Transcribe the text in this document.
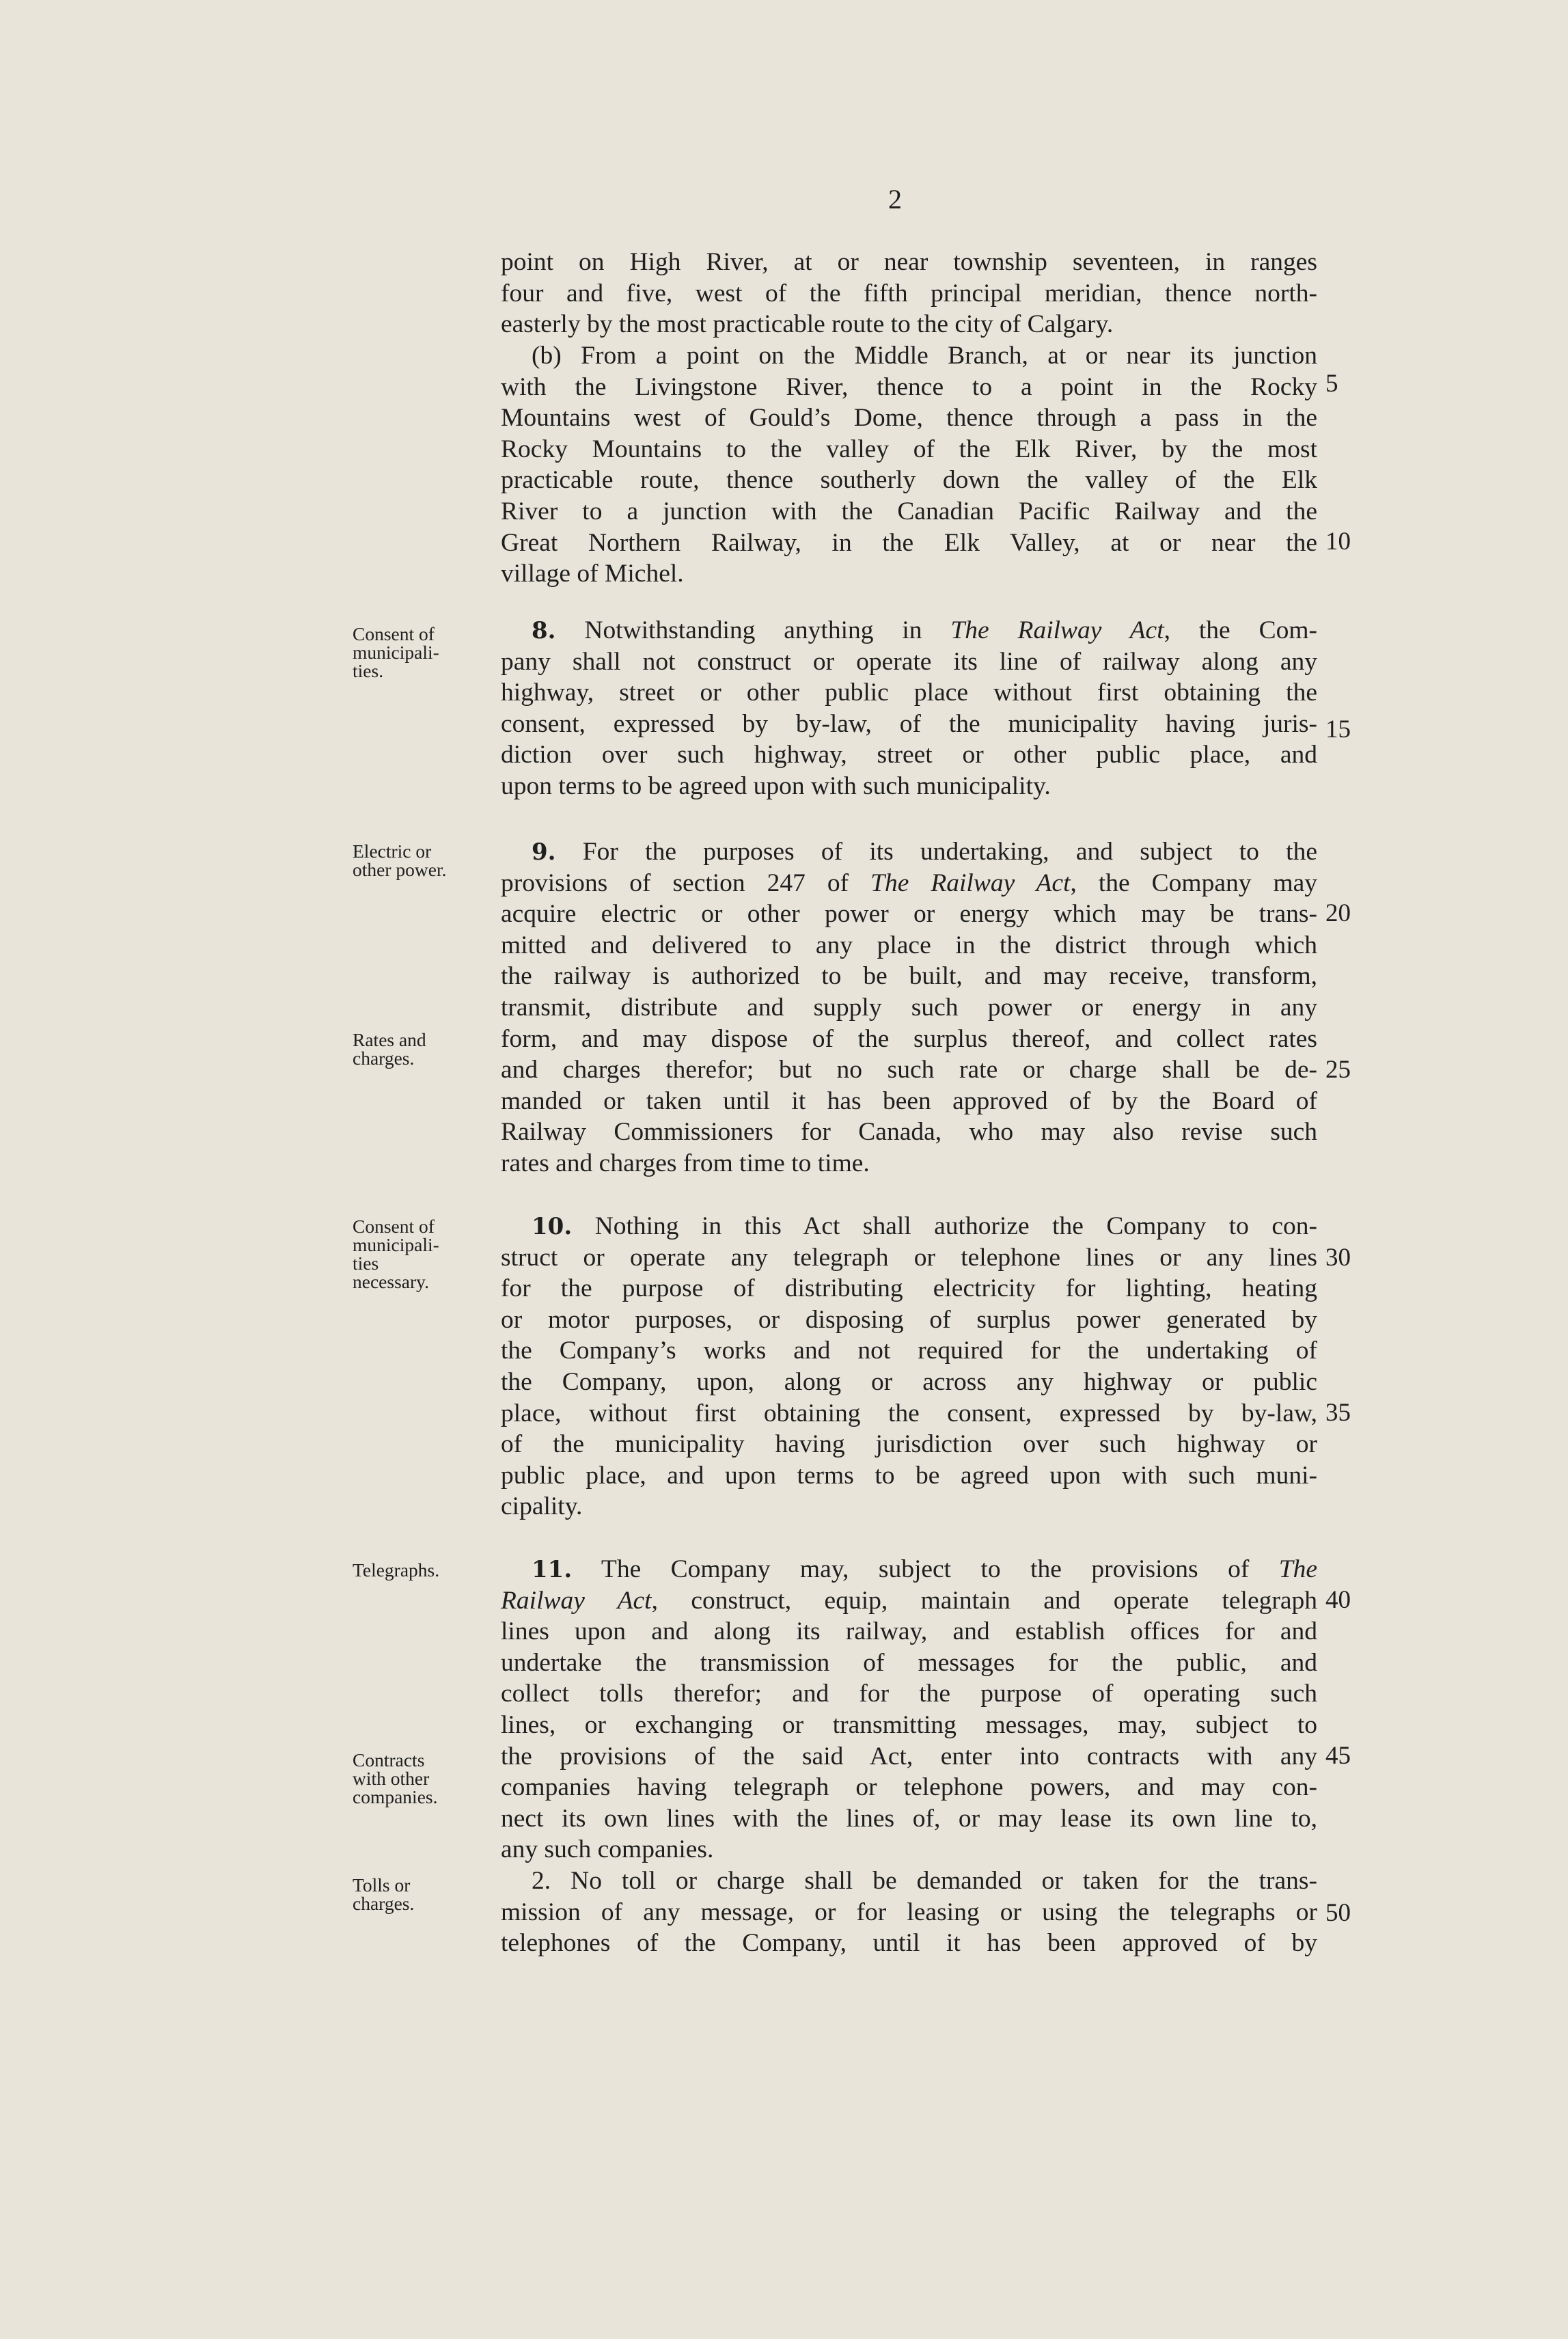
2
point on High River, at or near township seventeen, in ranges
four and five, west of the fifth principal meridian, thence north-
easterly by the most practicable route to the city of Calgary.
(b) From a point on the Middle Branch, at or near its junction
with the Livingstone River, thence to a point in the Rocky
Mountains west of Gould’s Dome, thence through a pass in the
Rocky Mountains to the valley of the Elk River, by the most
practicable route, thence southerly down the valley of the Elk
River to a junction with the Canadian Pacific Railway and the
Great Northern Railway, in the Elk Valley, at or near the
village of Michel.
Consent of
municipali-
ties.
8. Notwithstanding anything in The Railway Act, the Com-
pany shall not construct or operate its line of railway along any
highway, street or other public place without first obtaining the
consent, expressed by by-law, of the municipality having juris-
diction over such highway, street or other public place, and
upon terms to be agreed upon with such municipality.
Electric or
other power.
Rates and
charges.
9. For the purposes of its undertaking, and subject to the
provisions of section 247 of The Railway Act, the Company may
acquire electric or other power or energy which may be trans-
mitted and delivered to any place in the district through which
the railway is authorized to be built, and may receive, transform,
transmit, distribute and supply such power or energy in any
form, and may dispose of the surplus thereof, and collect rates
and charges therefor; but no such rate or charge shall be de-
manded or taken until it has been approved of by the Board of
Railway Commissioners for Canada, who may also revise such
rates and charges from time to time.
Consent of
municipali-
ties
necessary.
10. Nothing in this Act shall authorize the Company to con-
struct or operate any telegraph or telephone lines or any lines
for the purpose of distributing electricity for lighting, heating
or motor purposes, or disposing of surplus power generated by
the Company’s works and not required for the undertaking of
the Company, upon, along or across any highway or public
place, without first obtaining the consent, expressed by by-law,
of the municipality having jurisdiction over such highway or
public place, and upon terms to be agreed upon with such muni-
cipality.
Telegraphs.
Contracts
with other
companies.
Tolls or
charges.
11. The Company may, subject to the provisions of The
Railway Act, construct, equip, maintain and operate telegraph
lines upon and along its railway, and establish offices for and
undertake the transmission of messages for the public, and
collect tolls therefor; and for the purpose of operating such
lines, or exchanging or transmitting messages, may, subject to
the provisions of the said Act, enter into contracts with any
companies having telegraph or telephone powers, and may con-
nect its own lines with the lines of, or may lease its own line to,
any such companies.
2. No toll or charge shall be demanded or taken for the trans-
mission of any message, or for leasing or using the telegraphs or
telephones of the Company, until it has been approved of by
5
10
15
20
25
30
35
40
45
50
